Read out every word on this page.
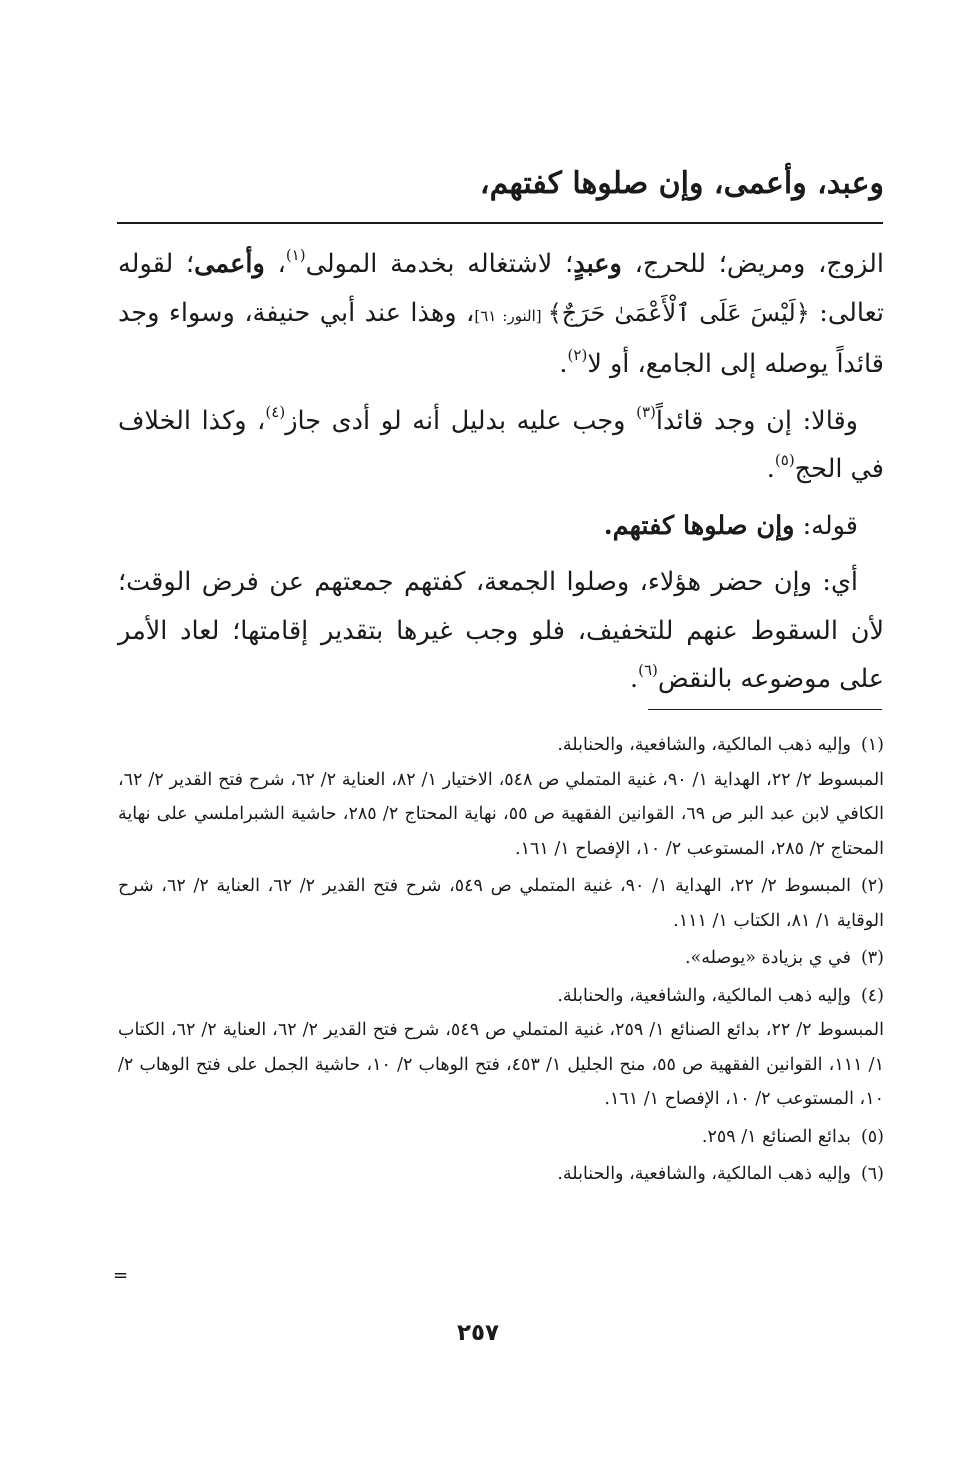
وعبد، وأعمى، وإن صلوها كفتهم،

الزوج، ومريض؛ للحرج، وعبدٍ؛ لاشتغاله بخدمة المولى$^{(١)}$، وأعمى؛ لقوله تعالى: ﴿لَيْسَ عَلَى ٱلْأَعْمَىٰ حَرَجٌ﴾ [النور: ٦١]، وهذا عند أبي حنيفة، وسواء وجد قائداً يوصله إلى الجامع، أو لا$^{(٢)}$.

وقالا: إن وجد قائداً$^{(٣)}$ وجب عليه بدليل أنه لو أدى جاز$^{(٤)}$، وكذا الخلاف في الحج$^{(٥)}$.

قوله: وإن صلوها كفتهم.

أي: وإن حضر هؤلاء، وصلوا الجمعة، كفتهم جمعتهم عن فرض الوقت؛ لأن السقوط عنهم للتخفيف، فلو وجب غيرها بتقدير إقامتها؛ لعاد الأمر على موضوعه بالنقض$^{(٦)}$.

(١)وإليه ذهب المالكية، والشافعية، والحنابلة.
المبسوط ٢/ ٢٢، الهداية ١/ ٩٠، غنية المتملي ص ٥٤٨، الاختيار ١/ ٨٢، العناية ٢/ ٦٢، شرح فتح القدير ٢/ ٦٢، الكافي لابن عبد البر ص ٦٩، القوانين الفقهية ص ٥٥، نهاية المحتاج ٢/ ٢٨٥، حاشية الشبراملسي على نهاية المحتاج ٢/ ٢٨٥، المستوعب ٢/ ١٠، الإفصاح ١/ ١٦١.
(٢)المبسوط ٢/ ٢٢، الهداية ١/ ٩٠، غنية المتملي ص ٥٤٩، شرح فتح القدير ٢/ ٦٢، العناية ٢/ ٦٢، شرح الوقاية ١/ ٨١، الكتاب ١/ ١١١.
(٣)في ي بزيادة «يوصله».
(٤)وإليه ذهب المالكية، والشافعية، والحنابلة.
المبسوط ٢/ ٢٢، بدائع الصنائع ١/ ٢٥٩، غنية المتملي ص ٥٤٩، شرح فتح القدير ٢/ ٦٢، العناية ٢/ ٦٢، الكتاب ١/ ١١١، القوانين الفقهية ص ٥٥، منح الجليل ١/ ٤٥٣، فتح الوهاب ٢/ ١٠، حاشية الجمل على فتح الوهاب ٢/ ١٠، المستوعب ٢/ ١٠، الإفصاح ١/ ١٦١.
(٥)بدائع الصنائع ١/ ٢٥٩.
(٦)وإليه ذهب المالكية، والشافعية، والحنابلة.
=
٢٥٧
